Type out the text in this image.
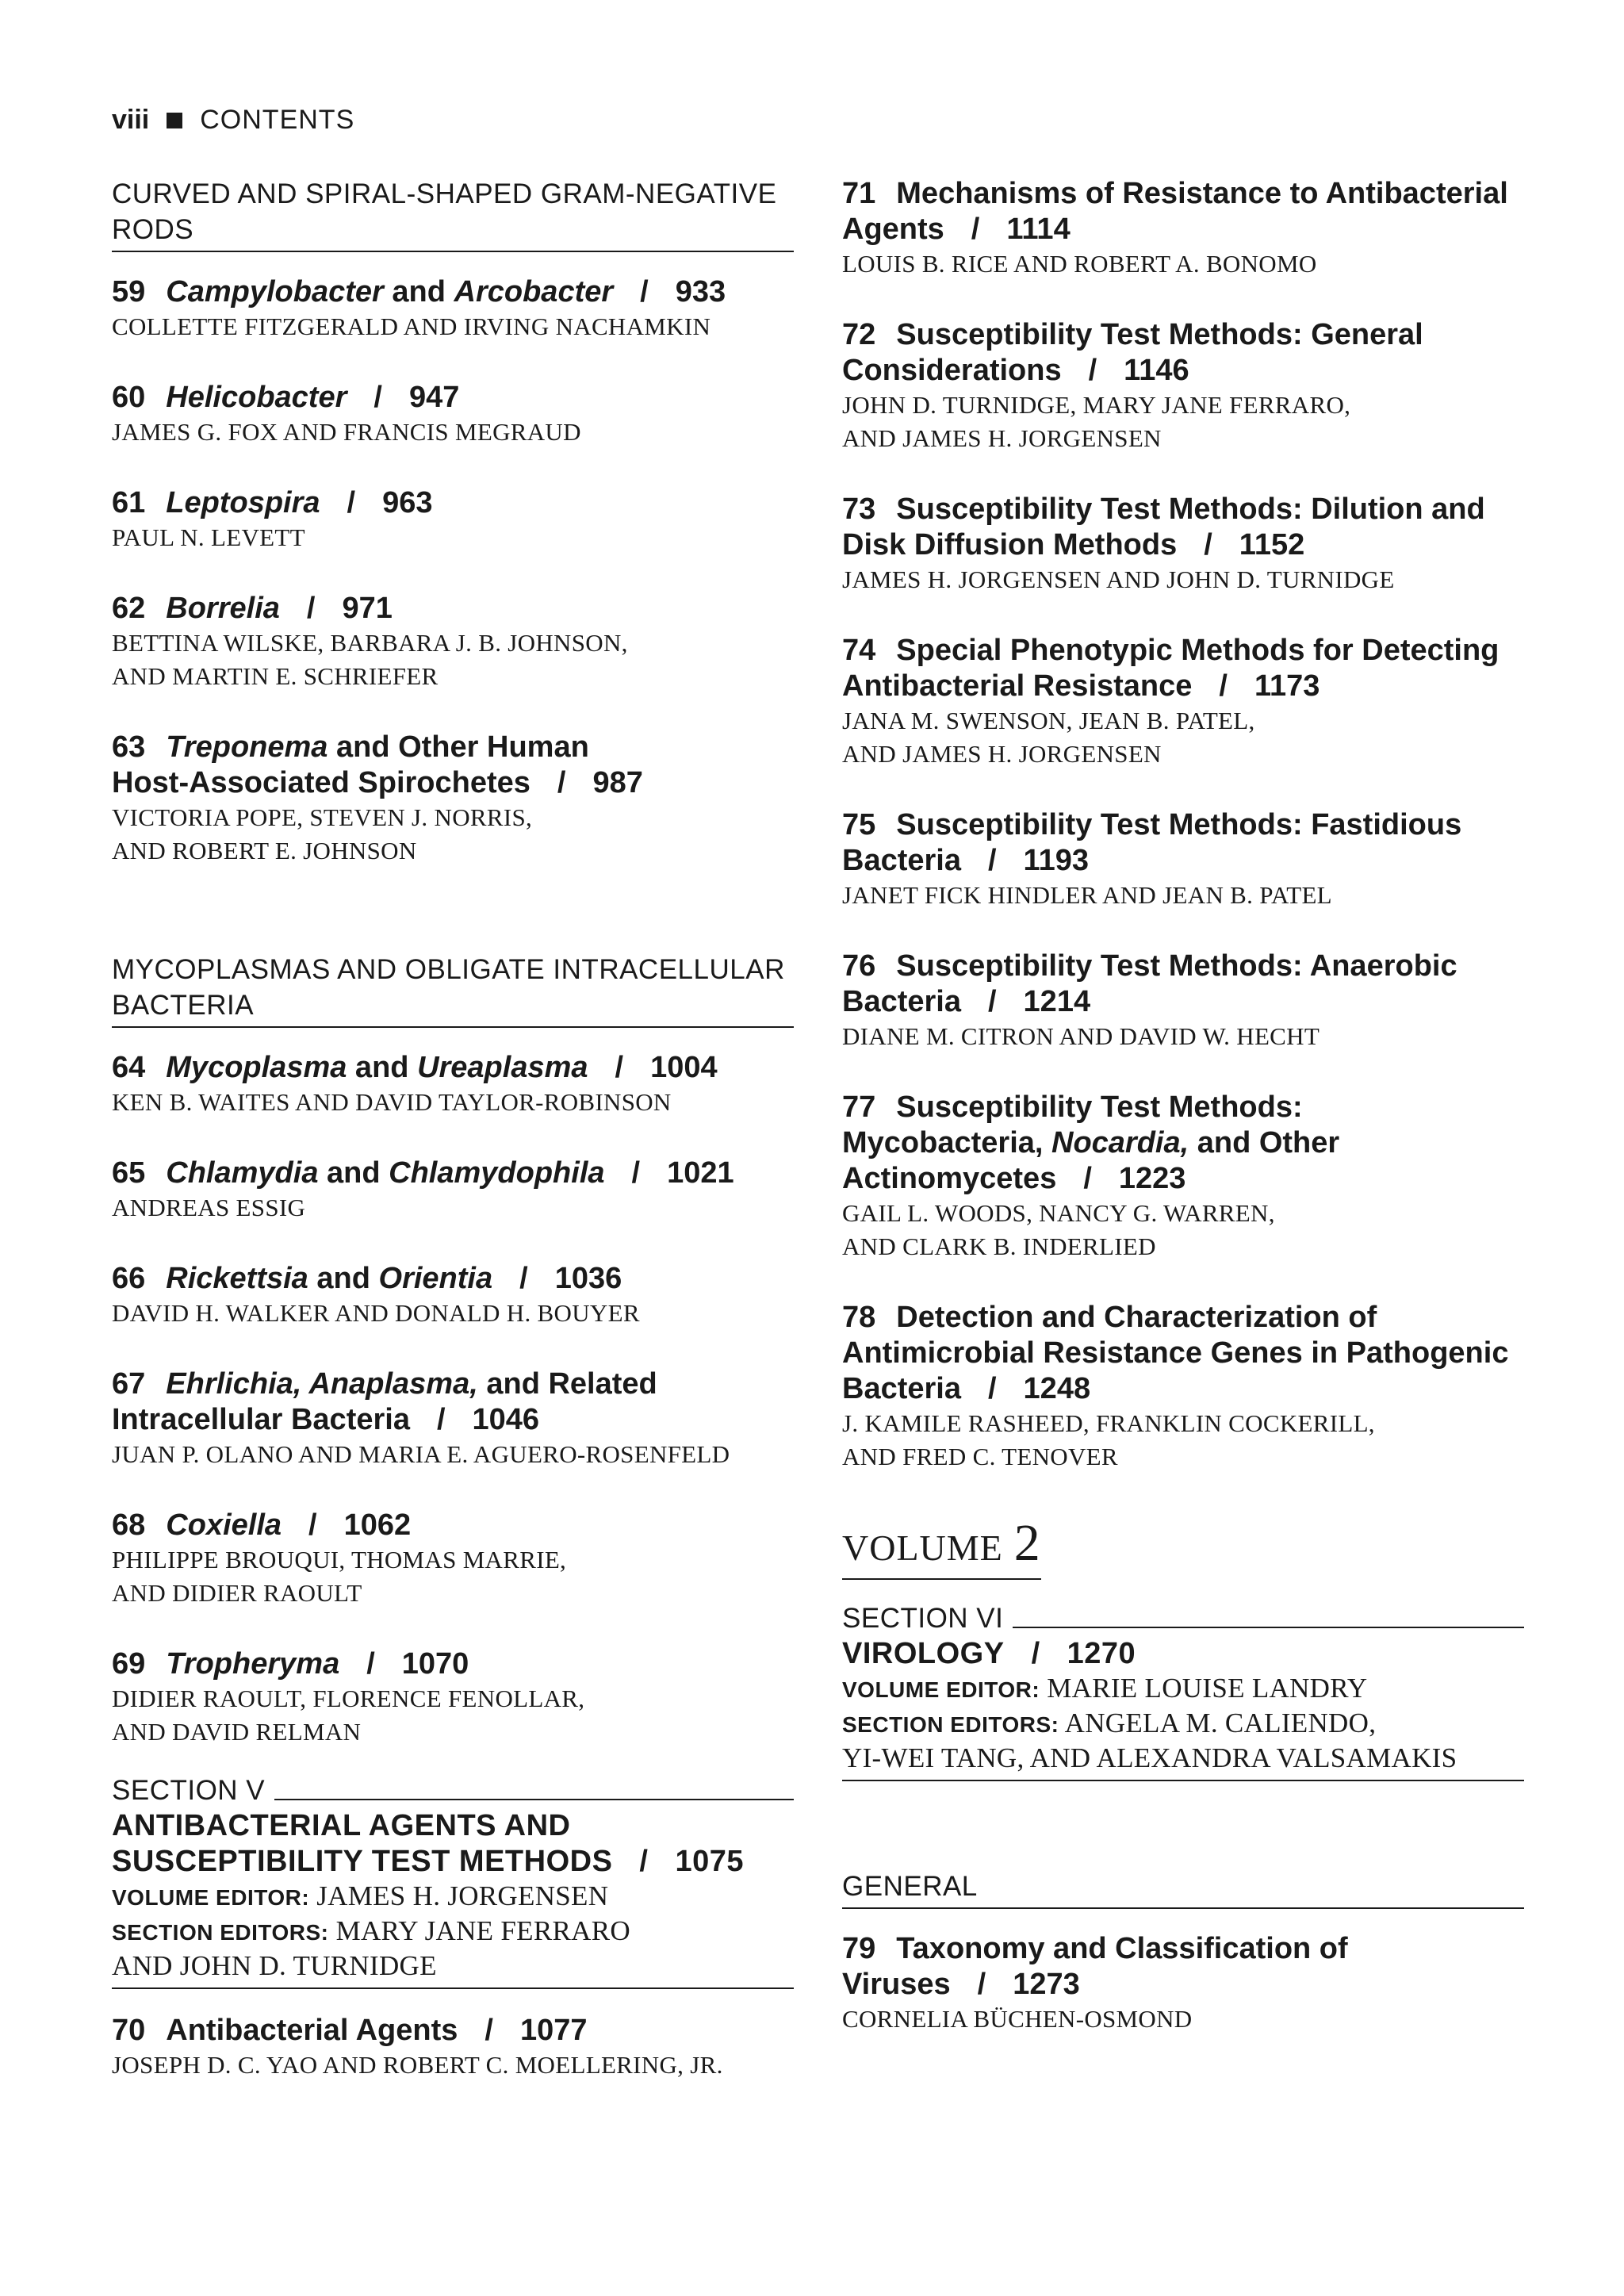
viii CONTENTS
CURVED AND SPIRAL-SHAPED GRAM-NEGATIVE RODS
59 Campylobacter and Arcobacter / 933
COLLETTE FITZGERALD AND IRVING NACHAMKIN
60 Helicobacter / 947
JAMES G. FOX AND FRANCIS MEGRAUD
61 Leptospira / 963
PAUL N. LEVETT
62 Borrelia / 971
BETTINA WILSKE, BARBARA J. B. JOHNSON,
AND MARTIN E. SCHRIEFER
63 Treponema and Other Human
Host-Associated Spirochetes / 987
VICTORIA POPE, STEVEN J. NORRIS,
AND ROBERT E. JOHNSON
MYCOPLASMAS AND OBLIGATE INTRACELLULAR BACTERIA
64 Mycoplasma and Ureaplasma / 1004
KEN B. WAITES AND DAVID TAYLOR-ROBINSON
65 Chlamydia and Chlamydophila / 1021
ANDREAS ESSIG
66 Rickettsia and Orientia / 1036
DAVID H. WALKER AND DONALD H. BOUYER
67 Ehrlichia, Anaplasma, and Related
Intracellular Bacteria / 1046
JUAN P. OLANO AND MARIA E. AGUERO-ROSENFELD
68 Coxiella / 1062
PHILIPPE BROUQUI, THOMAS MARRIE,
AND DIDIER RAOULT
69 Tropheryma / 1070
DIDIER RAOULT, FLORENCE FENOLLAR,
AND DAVID RELMAN
SECTION V
ANTIBACTERIAL AGENTS AND
SUSCEPTIBILITY TEST METHODS / 1075
VOLUME EDITOR: JAMES H. JORGENSEN
SECTION EDITORS: MARY JANE FERRARO
AND JOHN D. TURNIDGE
70 Antibacterial Agents / 1077
JOSEPH D. C. YAO AND ROBERT C. MOELLERING, JR.
71 Mechanisms of Resistance to Antibacterial
Agents / 1114
LOUIS B. RICE AND ROBERT A. BONOMO
72 Susceptibility Test Methods: General
Considerations / 1146
JOHN D. TURNIDGE, MARY JANE FERRARO,
AND JAMES H. JORGENSEN
73 Susceptibility Test Methods: Dilution and
Disk Diffusion Methods / 1152
JAMES H. JORGENSEN AND JOHN D. TURNIDGE
74 Special Phenotypic Methods for Detecting
Antibacterial Resistance / 1173
JANA M. SWENSON, JEAN B. PATEL,
AND JAMES H. JORGENSEN
75 Susceptibility Test Methods: Fastidious
Bacteria / 1193
JANET FICK HINDLER AND JEAN B. PATEL
76 Susceptibility Test Methods: Anaerobic
Bacteria / 1214
DIANE M. CITRON AND DAVID W. HECHT
77 Susceptibility Test Methods:
Mycobacteria, Nocardia, and Other
Actinomycetes / 1223
GAIL L. WOODS, NANCY G. WARREN,
AND CLARK B. INDERLIED
78 Detection and Characterization of
Antimicrobial Resistance Genes in Pathogenic
Bacteria / 1248
J. KAMILE RASHEED, FRANKLIN COCKERILL,
AND FRED C. TENOVER
VOLUME 2
SECTION VI
VIROLOGY / 1270
VOLUME EDITOR: MARIE LOUISE LANDRY
SECTION EDITORS: ANGELA M. CALIENDO,
YI-WEI TANG, AND ALEXANDRA VALSAMAKIS
GENERAL
79 Taxonomy and Classification of
Viruses / 1273
CORNELIA BÜCHEN-OSMOND
